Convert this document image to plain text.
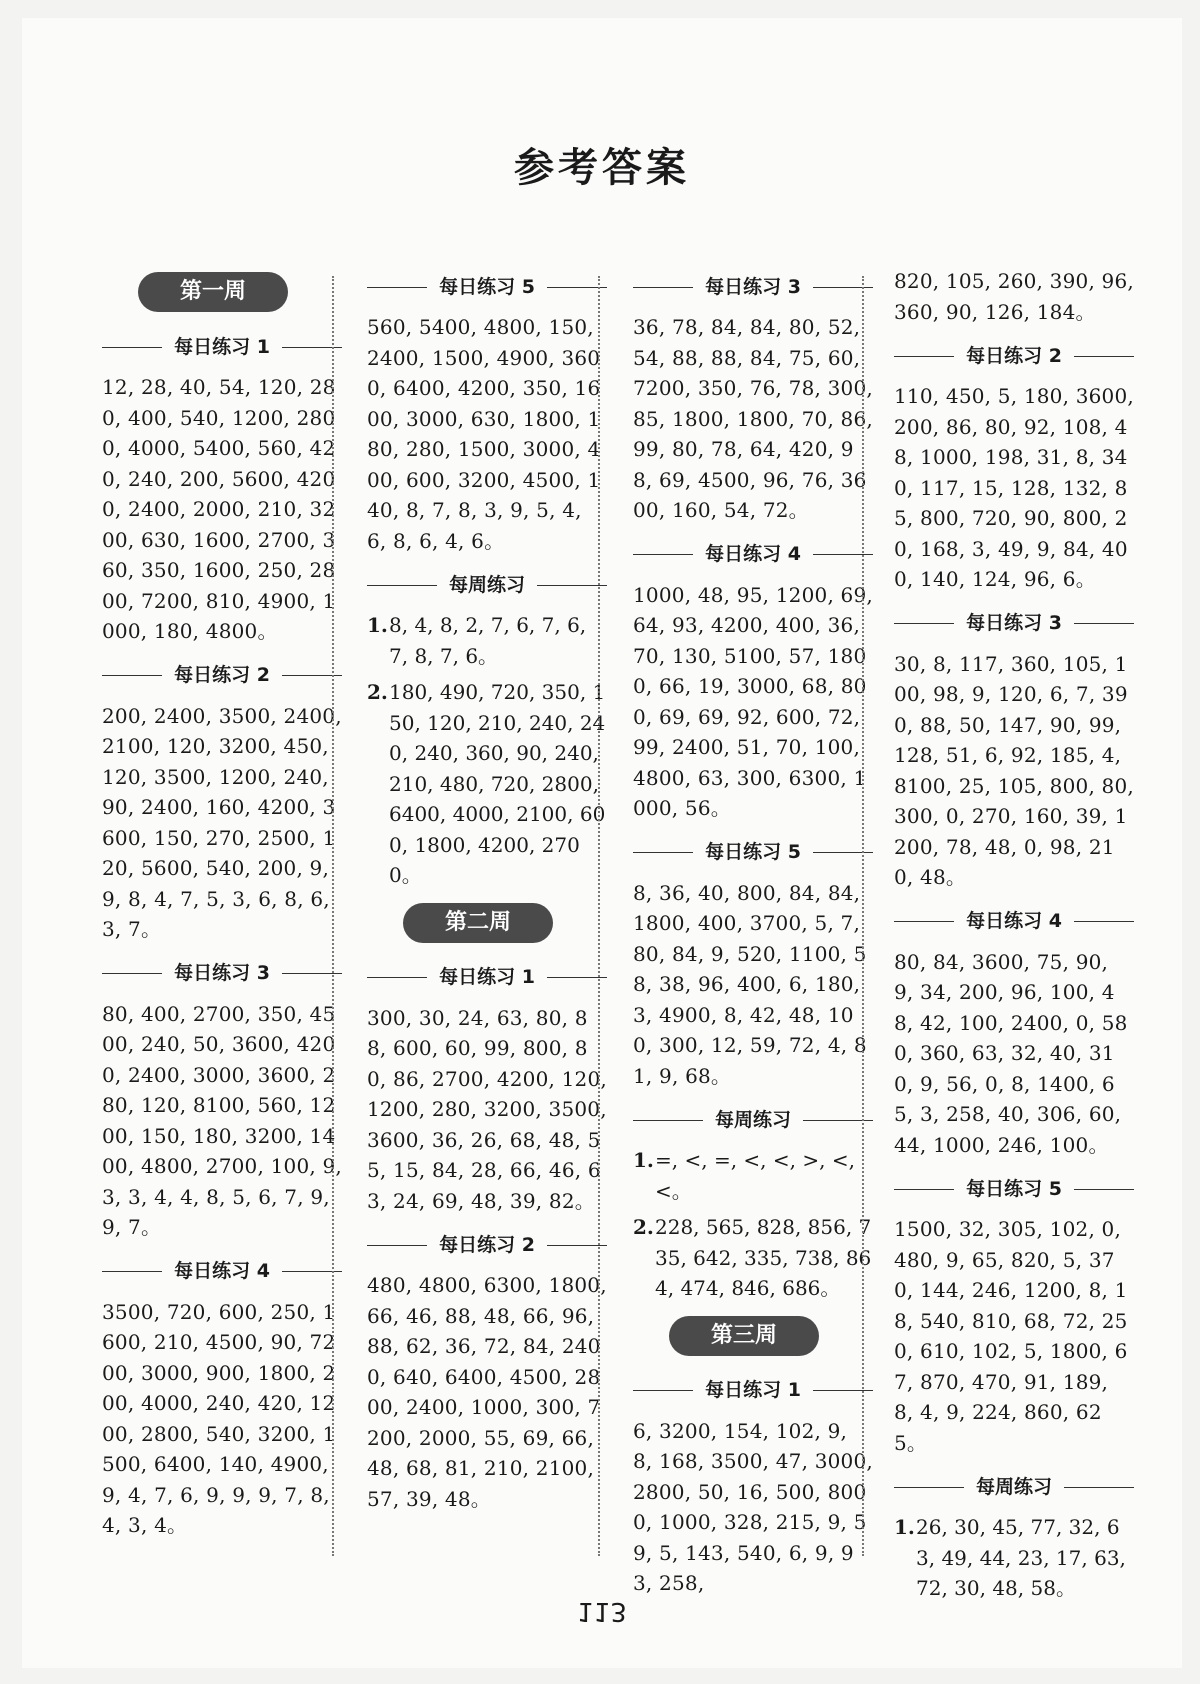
参考答案
第一周
每日练习 1
12, 28, 40, 54, 120, 280, 400, 540, 1200, 2800, 4000, 5400, 560, 420, 240, 200, 5600, 4200, 2400, 2000, 210, 3200, 630, 1600, 2700, 360, 350, 1600, 250, 2800, 7200, 810, 4900, 1000, 180, 4800。
每日练习 2
200, 2400, 3500, 2400, 2100, 120, 3200, 450, 120, 3500, 1200, 240, 90, 2400, 160, 4200, 3600, 150, 270, 2500, 120, 5600, 540, 200, 9, 9, 8, 4, 7, 5, 3, 6, 8, 6, 3, 7。
每日练习 3
80, 400, 2700, 350, 4500, 240, 50, 3600, 4200, 2400, 3000, 3600, 280, 120, 8100, 560, 1200, 150, 180, 3200, 1400, 4800, 2700, 100, 9, 3, 3, 4, 4, 8, 5, 6, 7, 9, 9, 7。
每日练习 4
3500, 720, 600, 250, 1600, 210, 4500, 90, 7200, 3000, 900, 1800, 200, 4000, 240, 420, 1200, 2800, 540, 3200, 1500, 6400, 140, 4900, 9, 4, 7, 6, 9, 9, 9, 7, 8, 4, 3, 4。
每日练习 5
560, 5400, 4800, 150, 2400, 1500, 4900, 3600, 6400, 4200, 350, 1600, 3000, 630, 1800, 180, 280, 1500, 3000, 400, 600, 3200, 4500, 140, 8, 7, 8, 3, 9, 5, 4, 6, 8, 6, 4, 6。
每周练习
1. 8, 4, 8, 2, 7, 6, 7, 6, 7, 8, 7, 6。
2. 180, 490, 720, 350, 150, 120, 210, 240, 240, 240, 360, 90, 240, 210, 480, 720, 2800, 6400, 4000, 2100, 600, 1800, 4200, 2700。
第二周
每日练习 1
300, 30, 24, 63, 80, 88, 600, 60, 99, 800, 80, 86, 2700, 4200, 120, 1200, 280, 3200, 3500, 3600, 36, 26, 68, 48, 55, 15, 84, 28, 66, 46, 63, 24, 69, 48, 39, 82。
每日练习 2
480, 4800, 6300, 1800, 66, 46, 88, 48, 66, 96, 88, 62, 36, 72, 84, 2400, 640, 6400, 4500, 2800, 2400, 1000, 300, 7200, 2000, 55, 69, 66, 48, 68, 81, 210, 2100, 57, 39, 48。
每日练习 3
36, 78, 84, 84, 80, 52, 54, 88, 88, 84, 75, 60, 7200, 350, 76, 78, 300, 85, 1800, 1800, 70, 86, 99, 80, 78, 64, 420, 98, 69, 4500, 96, 76, 3600, 160, 54, 72。
每日练习 4
1000, 48, 95, 1200, 69, 64, 93, 4200, 400, 36, 70, 130, 5100, 57, 1800, 66, 19, 3000, 68, 800, 69, 69, 92, 600, 72, 99, 2400, 51, 70, 100, 4800, 63, 300, 6300, 1000, 56。
每日练习 5
8, 36, 40, 800, 84, 84, 1800, 400, 3700, 5, 7, 80, 84, 9, 520, 1100, 58, 38, 96, 400, 6, 180, 3, 4900, 8, 42, 48, 100, 300, 12, 59, 72, 4, 81, 9, 68。
每周练习
1. =, <, =, <, <, >, <, <。
2. 228, 565, 828, 856, 735, 642, 335, 738, 864, 474, 846, 686。
第三周
每日练习 1
6, 3200, 154, 102, 9, 8, 168, 3500, 47, 3000, 2800, 50, 16, 500, 8000, 1000, 328, 215, 9, 59, 5, 143, 540, 6, 9, 93, 258,
820, 105, 260, 390, 96, 360, 90, 126, 184。
每日练习 2
110, 450, 5, 180, 3600, 200, 86, 80, 92, 108, 48, 1000, 198, 31, 8, 340, 117, 15, 128, 132, 85, 800, 720, 90, 800, 20, 168, 3, 49, 9, 84, 400, 140, 124, 96, 6。
每日练习 3
30, 8, 117, 360, 105, 100, 98, 9, 120, 6, 7, 390, 88, 50, 147, 90, 99, 128, 51, 6, 92, 185, 4, 8100, 25, 105, 800, 80, 300, 0, 270, 160, 39, 1200, 78, 48, 0, 98, 210, 48。
每日练习 4
80, 84, 3600, 75, 90, 9, 34, 200, 96, 100, 48, 42, 100, 2400, 0, 580, 360, 63, 32, 40, 310, 9, 56, 0, 8, 1400, 65, 3, 258, 40, 306, 60, 44, 1000, 246, 100。
每日练习 5
1500, 32, 305, 102, 0, 480, 9, 65, 820, 5, 370, 144, 246, 1200, 8, 18, 540, 810, 68, 72, 250, 610, 102, 5, 1800, 67, 870, 470, 91, 189, 8, 4, 9, 224, 860, 625。
每周练习
1. 26, 30, 45, 77, 32, 63, 49, 44, 23, 17, 63, 72, 30, 48, 58。
113
